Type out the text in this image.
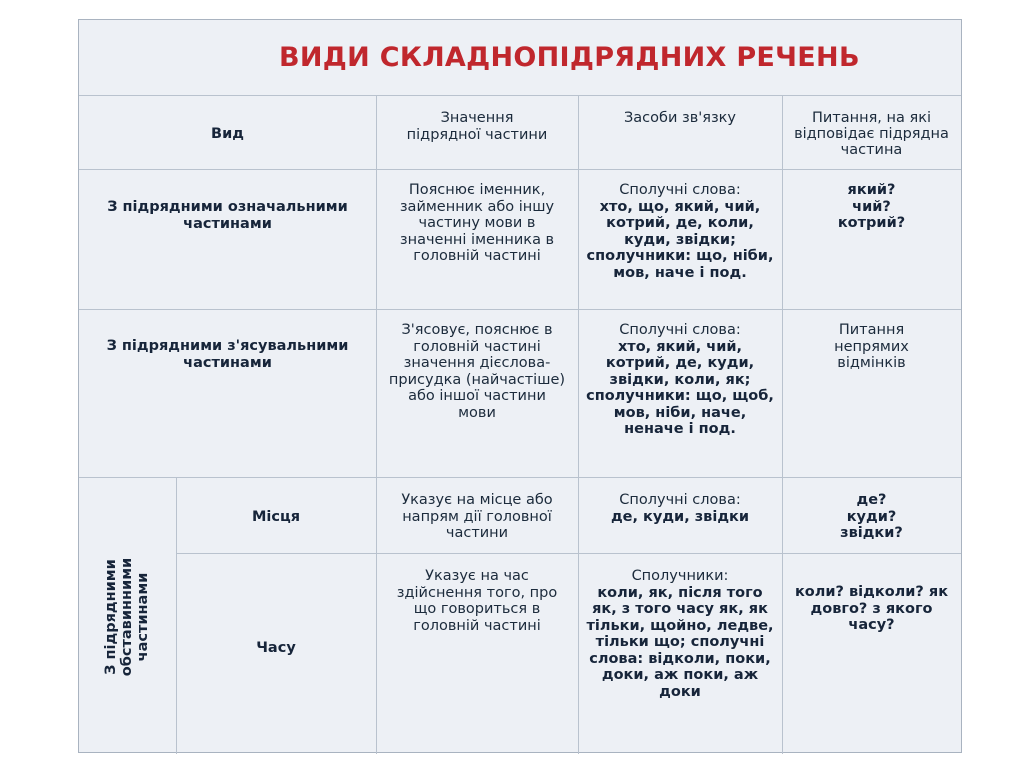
ВИДИ СКЛАДНОПІДРЯДНИХ РЕЧЕНЬ
Вид
Значення
підрядної частини
Засоби зв'язку	Питання, на які
відповідає підрядна
частина
З підрядними означальними
частинами
Пояснює іменник,
займенник або іншу
частину мови в
значенні іменника в
головній частині
Сполучні слова:
хто, що, який, чий,
котрий, де, коли,
куди, звідки;
сполучники: що, ніби,
мов, наче і под.
який?
чий?
котрий?
З підрядними з'ясувальними
частинами
З'ясовує, пояснює в
головній частині
значення дієслова-
присудка (найчастіше)
або іншої частини
мови
Сполучні слова:
хто, який, чий,
котрий, де, куди,
звідки, коли, як;
сполучники: що, щоб,
мов, ніби, наче,
неначе і под.
Питання
непрямих
відмінків
З підрядними
обставинними
частинами
Місця
Указує на місце або
напрям дії головної
частини
Сполучні слова:
де, куди, звідки
де?
куди?
звідки?
Часу
Указує на час
здійснення того, про
що говориться в
головній частині
Сполучники:
коли, як, після того
як, з того часу як, як
тільки, щойно, ледве,
тільки що; сполучні
слова: відколи, поки,
доки, аж поки, аж
доки
коли? відколи? як
довго? з якого
часу?
